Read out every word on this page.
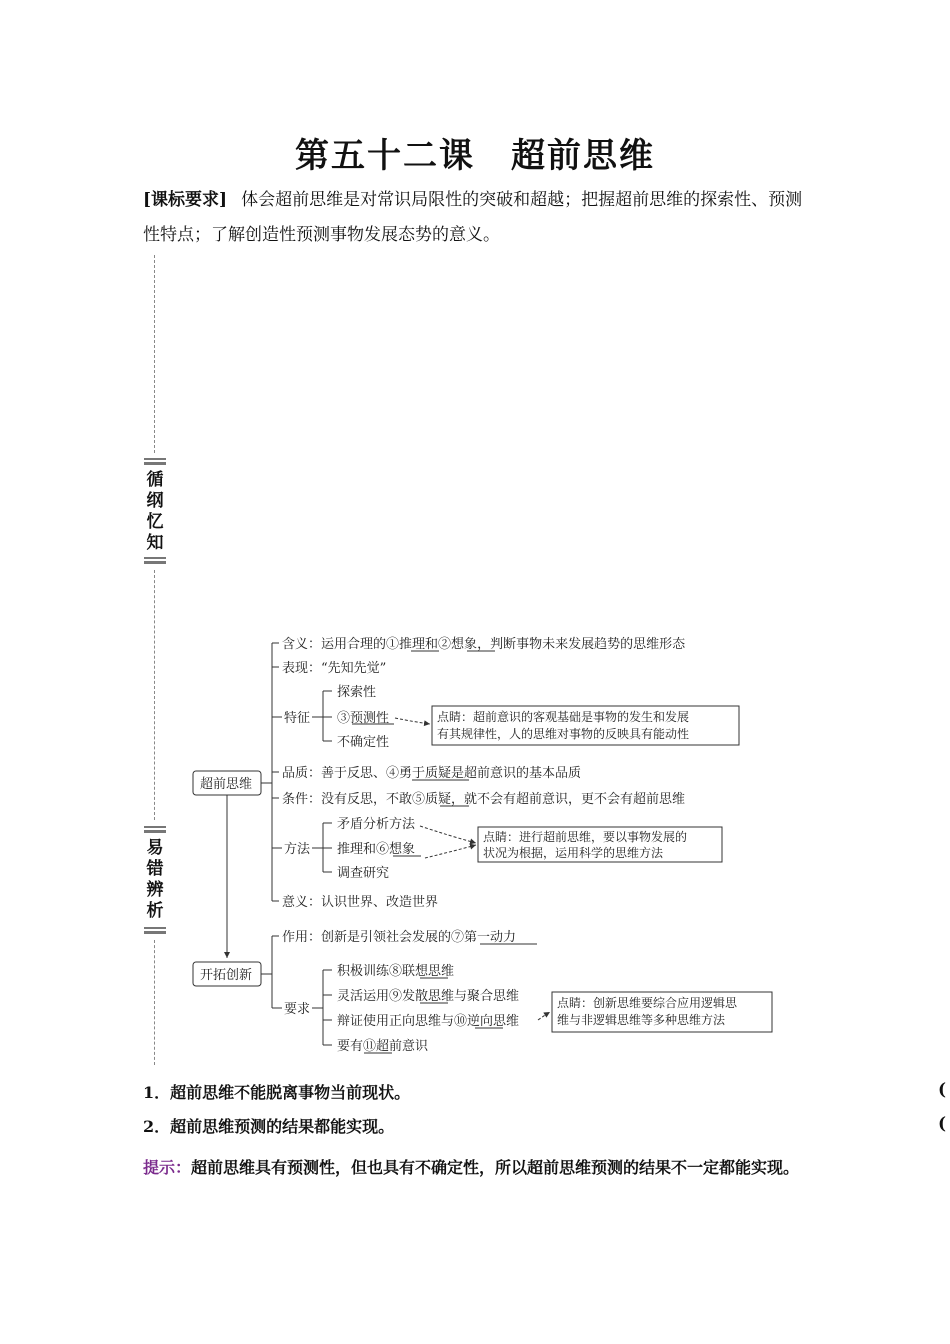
第五十二课 超前思维
[课标要求] 体会超前思维是对常识局限性的突破和超越；把握超前思维的探索性、预测性特点；了解创造性预测事物发展态势的意义。
循纲忆知
易错辨析
超前思维
开拓创新
含义：运用合理的①推理和②想象，判断事物未来发展趋势的思维形态
表现：“先知先觉”
特征
探索性
③预测性
不确定性
品质：善于反思、④勇于质疑是超前意识的基本品质
条件：没有反思，不敢⑤质疑，就不会有超前意识，更不会有超前思维
方法
矛盾分析方法
推理和⑥想象
调查研究
意义：认识世界、改造世界
作用：创新是引领社会发展的⑦第一动力
要求
积极训练⑧联想思维
灵活运用⑨发散思维与聚合思维
辩证使用正向思维与⑩逆向思维
要有⑪超前意识
点睛：超前意识的客观基础是事物的发生和发展
有其规律性，人的思维对事物的反映具有能动性
点睛：进行超前思维，要以事物发展的
状况为根据，运用科学的思维方法
点睛：创新思维要综合应用逻辑思
维与非逻辑思维等多种思维方法
1．超前思维不能脱离事物当前现状。	(
2．超前思维预测的结果都能实现。	(
提示：超前思维具有预测性，但也具有不确定性，所以超前思维预测的结果不一定都能实现。
